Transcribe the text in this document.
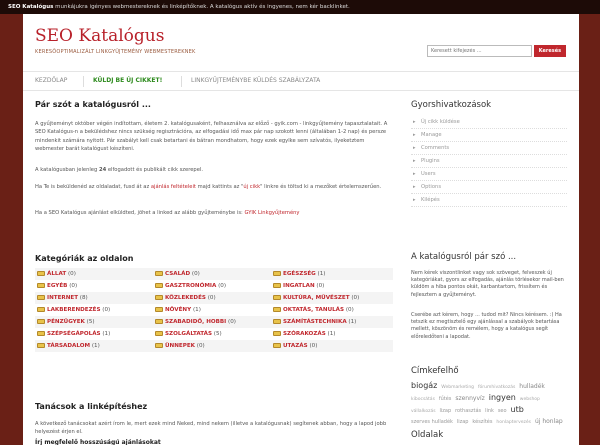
SEO Katalógus munkájukra igényes webmestereknek és linképítőknek. A katalógus aktív és ingyenes, nem kér backlinket.
SEO Katalógus
KERESŐOPTIMALIZÁLT LINKGYŰJTEMÉNY WEBMESTEREKNEK
Keresett kifejezés ...	Keresés
KEZDŐLAP	KÜLDJ BE ÚJ CIKKET!	LINKGYŰJTEMÉNYBE KÜLDÉS SZABÁLYZATA
Pár szót a katalógusról ...

A gyűjteményt október végén indítottam, életem 2. katalógusaként, felhasználva az előző - gyik.com - linkgyűjtemény tapasztalatait. A SEO Katalógus-n a bekülédshez nincs szükség regisztrációra, az elfogadási idő max pár nap szokott lenni (általában 1-2 nap) és persze mindenkit számára nyitott. Pár szabályt kell csak betartani és bátran mondhatom, hogy ezek egylke sem szívatós, ilyeketztem webmester barát katalógust készíteni.

A katalógusban jelenleg 24 elfogadott és publikált cikk szerepel.

Ha Te is beküldenéd az oldaladat, fusd át az ajánlás feltételeit majd kattints az "új cikk" linkre és töltsd ki a mezőket értelemszerűen.

Ha a SEO Katalógus ajánlást elküldted, jöhet a linked az alább gyűjteménybe is: GYIK Linkgyűjtemény

Kategóriák az oldalon
ÁLLAT (0)	CSALÁD (0)	EGÉSZSÉG (1)
EGYÉB (0)	GASZTRONÓMIA (0)	INGATLAN (0)
INTERNET (8)	KÖZLEKEDÉS (0)	KULTÚRA, MŰVÉSZET (0)
LAKBERENDEZÉS (0)	NÖVÉNY (1)	OKTATÁS, TANULÁS (0)
PÉNZÜGYEK (5)	SZABADIDŐ, HOBBI (0)	SZÁMÍTÁSTECHNIKA (1)
SZÉPSÉGÁPOLÁS (1)	SZOLGÁLTATÁS (5)	SZÓRAKOZÁS (1)
TÁRSADALOM (1)	ÜNNEPEK (0)	UTAZÁS (0)
Tanácsok a linképítéshez

A következő tanácsokat azért írom le, mert ezek mind Neked, mind nekem (illetve a katalógusnak) segítenek abban, hogy a lapod jobb helyezést érjen el.

Írj megfelelő hosszúságú ajánlásokat
Gyorshivatkozások
▸ Új cikk küldése
▸ Manage
▸ Comments
▸ Plugins
▸ Users
▸ Options
▸ Kilépés
A katalógusról pár szó ...

Nem kérek viszontlinket vagy sok szöveget, felveszek új kategóriákat, gyors az elfogadás, ajánlás törlésekor mail-ben küldöm a hiba pontos okát, karbantartom, frissítem és fejlesztem a gyűjteményt.

Cserébe azt kérem, hogy ... tudod mit? Nincs kérésem. :) Ha tetszik ez megtisztelő egy ajánlással a szabályok betartása mellett, köszönöm és remélem, hogy a katalógus segít előreledőteni a lapodat.

Címkefelhő
biogáz Webmarketing fórumhivatkozás hulladék kibocsátás fűtés szennyvíz ingyen webshop vállalkozás lizap rothasztás link seo utb szerves hulladék lizap készítés honlaptervezés új honlap
Oldalak
